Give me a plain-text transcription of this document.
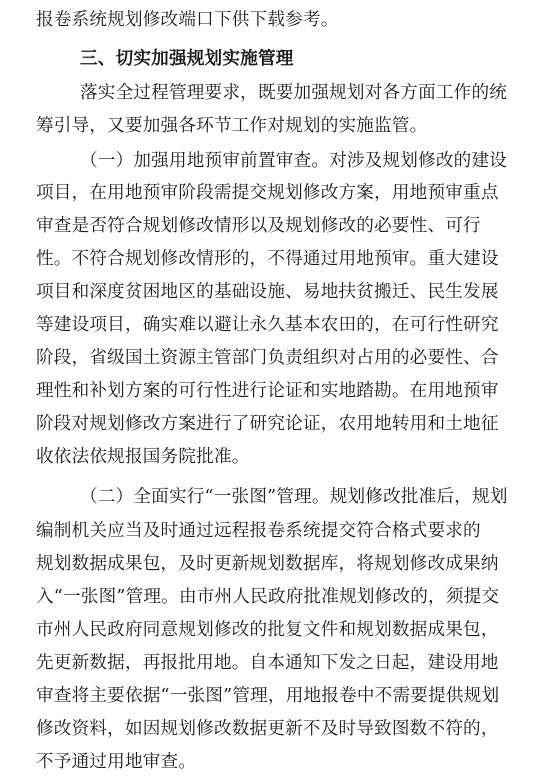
报卷系统规划修改端口下供下载参考。
三、切实加强规划实施管理
落实全过程管理要求，既要加强规划对各方面工作的统
筹引导，又要加强各环节工作对规划的实施监管。
（一）加强用地预审前置审查。对涉及规划修改的建设
项目，在用地预审阶段需提交规划修改方案，用地预审重点
审查是否符合规划修改情形以及规划修改的必要性、可行
性。不符合规划修改情形的，不得通过用地预审。重大建设
项目和深度贫困地区的基础设施、易地扶贫搬迁、民生发展
等建设项目，确实难以避让永久基本农田的，在可行性研究
阶段，省级国土资源主管部门负责组织对占用的必要性、合
理性和补划方案的可行性进行论证和实地踏勘。在用地预审
阶段对规划修改方案进行了研究论证，农用地转用和土地征
收依法依规报国务院批准。
（二）全面实行“一张图”管理。规划修改批准后，规划
编制机关应当及时通过远程报卷系统提交符合格式要求的
规划数据成果包，及时更新规划数据库，将规划修改成果纳
入“一张图”管理。由市州人民政府批准规划修改的，须提交
市州人民政府同意规划修改的批复文件和规划数据成果包，
先更新数据，再报批用地。自本通知下发之日起，建设用地
审查将主要依据“一张图”管理，用地报卷中不需要提供规划
修改资料，如因规划修改数据更新不及时导致图数不符的，
不予通过用地审查。
